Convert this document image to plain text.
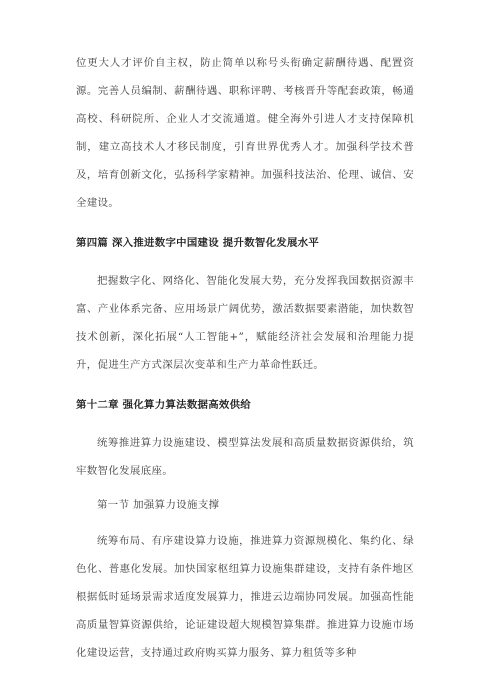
位更大人才评价自主权，防止简单以称号头衔确定薪酬待遇、配置资源。完善人员编制、薪酬待遇、职称评聘、考核晋升等配套政策，畅通高校、科研院所、企业人才交流通道。健全海外引进人才支持保障机制，建立高技术人才移民制度，引育世界优秀人才。加强科学技术普及，培育创新文化，弘扬科学家精神。加强科技法治、伦理、诚信、安全建设。

第四篇 深入推进数字中国建设 提升数智化发展水平

把握数字化、网络化、智能化发展大势，充分发挥我国数据资源丰富、产业体系完备、应用场景广阔优势，激活数据要素潜能，加快数智技术创新，深化拓展“人工智能+”，赋能经济社会发展和治理能力提升，促进生产方式深层次变革和生产力革命性跃迁。

第十二章 强化算力算法数据高效供给

统筹推进算力设施建设、模型算法发展和高质量数据资源供给，筑牢数智化发展底座。

第一节 加强算力设施支撑

统筹布局、有序建设算力设施，推进算力资源规模化、集约化、绿色化、普惠化发展。加快国家枢纽算力设施集群建设，支持有条件地区根据低时延场景需求适度发展算力，推进云边端协同发展。加强高性能高质量智算资源供给，论证建设超大规模智算集群。推进算力设施市场化建设运营，支持通过政府购买算力服务、算力租赁等多种
